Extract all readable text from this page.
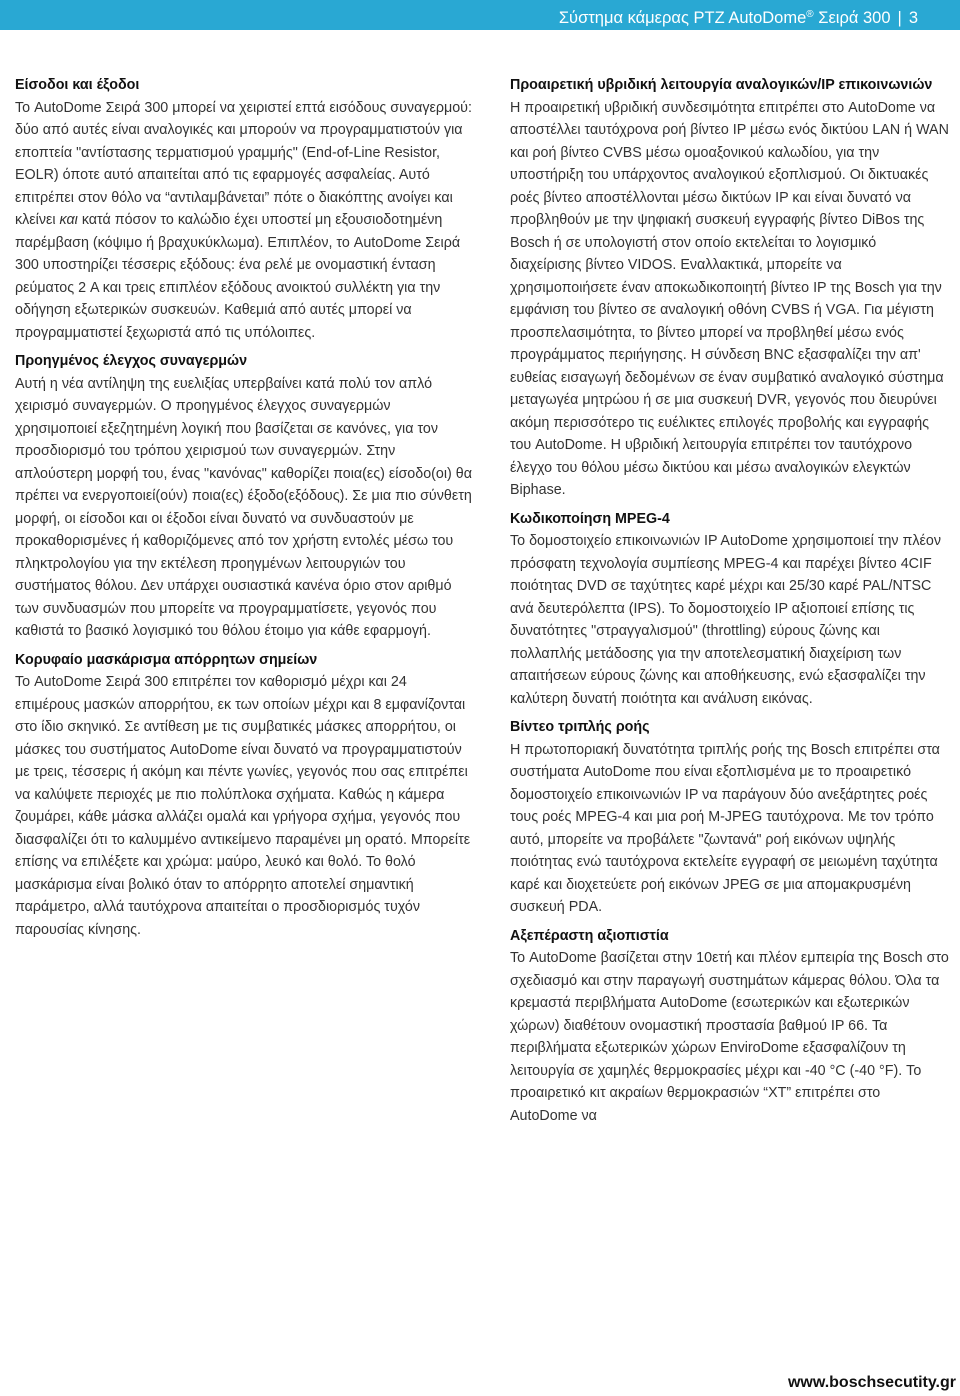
Σύστημα κάμερας PTZ AutoDome® Σειρά 300 | 3
Είσοδοι και έξοδοι

Το AutoDome Σειρά 300 μπορεί να χειριστεί επτά εισόδους συναγερμού: δύο από αυτές είναι αναλογικές και μπορούν να προγραμματιστούν για εποπτεία "αντίστασης τερματισμού γραμμής" (End-of-Line Resistor, EOLR) όποτε αυτό απαιτείται από τις εφαρμογές ασφαλείας. Αυτό επιτρέπει στον θόλο να “αντιλαμβάνεται” πότε ο διακόπτης ανοίγει και κλείνει και κατά πόσον το καλώδιο έχει υποστεί μη εξουσιοδοτημένη παρέμβαση (κόψιμο ή βραχυκύκλωμα). Επιπλέον, το AutoDome Σειρά 300 υποστηρίζει τέσσερις εξόδους: ένα ρελέ με ονομαστική ένταση ρεύματος 2 A και τρεις επιπλέον εξόδους ανοικτού συλλέκτη για την οδήγηση εξωτερικών συσκευών. Καθεμιά από αυτές μπορεί να προγραμματιστεί ξεχωριστά από τις υπόλοιπες.

Προηγμένος έλεγχος συναγερμών

Αυτή η νέα αντίληψη της ευελιξίας υπερβαίνει κατά πολύ τον απλό χειρισμό συναγερμών. Ο προηγμένος έλεγχος συναγερμών χρησιμοποιεί εξεζητημένη λογική που βασίζεται σε κανόνες, για τον προσδιορισμό του τρόπου χειρισμού των συναγερμών. Στην απλούστερη μορφή του, ένας "κανόνας" καθορίζει ποια(ες) είσοδο(οι) θα πρέπει να ενεργοποιεί(ούν) ποια(ες) έξοδο(εξόδους). Σε μια πιο σύνθετη μορφή, οι είσοδοι και οι έξοδοι είναι δυνατό να συνδυαστούν με προκαθορισμένες ή καθοριζόμενες από τον χρήστη εντολές μέσω του πληκτρολογίου για την εκτέλεση προηγμένων λειτουργιών του συστήματος θόλου. Δεν υπάρχει ουσιαστικά κανένα όριο στον αριθμό των συνδυασμών που μπορείτε να προγραμματίσετε, γεγονός που καθιστά το βασικό λογισμικό του θόλου έτοιμο για κάθε εφαρμογή.

Κορυφαίο μασκάρισμα απόρρητων σημείων

Το AutoDome Σειρά 300 επιτρέπει τον καθορισμό μέχρι και 24 επιμέρους μασκών απορρήτου, εκ των οποίων μέχρι και 8 εμφανίζονται στο ίδιο σκηνικό. Σε αντίθεση με τις συμβατικές μάσκες απορρήτου, οι μάσκες του συστήματος AutoDome είναι δυνατό να προγραμματιστούν με τρεις, τέσσερις ή ακόμη και πέντε γωνίες, γεγονός που σας επιτρέπει να καλύψετε περιοχές με πιο πολύπλοκα σχήματα. Καθώς η κάμερα ζουμάρει, κάθε μάσκα αλλάζει ομαλά και γρήγορα σχήμα, γεγονός που διασφαλίζει ότι το καλυμμένο αντικείμενο παραμένει μη ορατό. Μπορείτε επίσης να επιλέξετε και χρώμα: μαύρο, λευκό και θολό. Το θολό μασκάρισμα είναι βολικό όταν το απόρρητο αποτελεί σημαντική παράμετρο, αλλά ταυτόχρονα απαιτείται ο προσδιορισμός τυχόν παρουσίας κίνησης.

Προαιρετική υβριδική λειτουργία αναλογικών/IP επικοινωνιών

Η προαιρετική υβριδική συνδεσιμότητα επιτρέπει στο AutoDome να αποστέλλει ταυτόχρονα ροή βίντεο IP μέσω ενός δικτύου LAN ή WAN και ροή βίντεο CVBS μέσω ομοαξονικού καλωδίου, για την υποστήριξη του υπάρχοντος αναλογικού εξοπλισμού. Οι δικτυακές ροές βίντεο αποστέλλονται μέσω δικτύων IP και είναι δυνατό να προβληθούν με την ψηφιακή συσκευή εγγραφής βίντεο DiBos της Bosch ή σε υπολογιστή στον οποίο εκτελείται το λογισμικό διαχείρισης βίντεο VIDOS. Εναλλακτικά, μπορείτε να χρησιμοποιήσετε έναν αποκωδικοποιητή βίντεο IP της Bosch για την εμφάνιση του βίντεο σε αναλογική οθόνη CVBS ή VGA. Για μέγιστη προσπελασιμότητα, το βίντεο μπορεί να προβληθεί μέσω ενός προγράμματος περιήγησης. Η σύνδεση BNC εξασφαλίζει την απ' ευθείας εισαγωγή δεδομένων σε έναν συμβατικό αναλογικό σύστημα μεταγωγέα μητρώου ή σε μια συσκευή DVR, γεγονός που διευρύνει ακόμη περισσότερο τις ευέλικτες επιλογές προβολής και εγγραφής του AutoDome. Η υβριδική λειτουργία επιτρέπει τον ταυτόχρονο έλεγχο του θόλου μέσω δικτύου και μέσω αναλογικών ελεγκτών Biphase.

Κωδικοποίηση MPEG-4

Το δομοστοιχείο επικοινωνιών IP AutoDome χρησιμοποιεί την πλέον πρόσφατη τεχνολογία συμπίεσης MPEG-4 και παρέχει βίντεο 4CIF ποιότητας DVD σε ταχύτητες καρέ μέχρι και 25/30 καρέ PAL/NTSC ανά δευτερόλεπτα (IPS). Το δομοστοιχείο IP αξιοποιεί επίσης τις δυνατότητες "στραγγαλισμού" (throttling) εύρους ζώνης και πολλαπλής μετάδοσης για την αποτελεσματική διαχείριση των απαιτήσεων εύρους ζώνης και αποθήκευσης, ενώ εξασφαλίζει την καλύτερη δυνατή ποιότητα και ανάλυση εικόνας.

Βίντεο τριπλής ροής

Η πρωτοποριακή δυνατότητα τριπλής ροής της Bosch επιτρέπει στα συστήματα AutoDome που είναι εξοπλισμένα με το προαιρετικό δομοστοιχείο επικοινωνιών IP να παράγουν δύο ανεξάρτητες ροές τους ροές MPEG-4 και μια ροή M-JPEG ταυτόχρονα. Με τον τρόπο αυτό, μπορείτε να προβάλετε "ζωντανά" ροή εικόνων υψηλής ποιότητας ενώ ταυτόχρονα εκτελείτε εγγραφή σε μειωμένη ταχύτητα καρέ και διοχετεύετε ροή εικόνων JPEG σε μια απομακρυσμένη συσκευή PDA.

Αξεπέραστη αξιοπιστία

Το AutoDome βασίζεται στην 10ετή και πλέον εμπειρία της Bosch στο σχεδιασμό και στην παραγωγή συστημάτων κάμερας θόλου. Όλα τα κρεμαστά περιβλήματα AutoDome (εσωτερικών και εξωτερικών χώρων) διαθέτουν ονομαστική προστασία βαθμού IP 66. Τα περιβλήματα εξωτερικών χώρων EnviroDome εξασφαλίζουν τη λειτουργία σε χαμηλές θερμοκρασίες μέχρι και -40 °C (-40 °F). Το προαιρετικό κιτ ακραίων θερμοκρασιών “XT” επιτρέπει στο AutoDome να

www.boschsecutity.gr
